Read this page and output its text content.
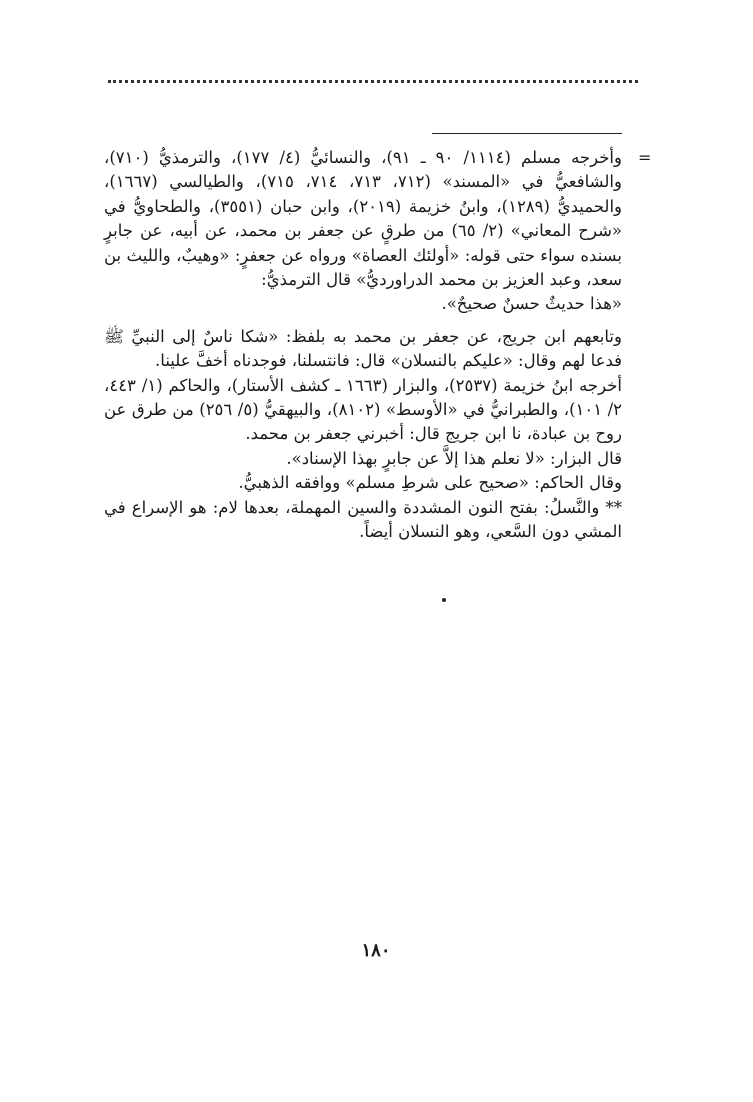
=

وأخرجه مسلم (١١١٤/ ٩٠ ـ ٩١)، والنسائيُّ (٤/ ١٧٧)، والترمذيُّ (٧١٠)، والشافعيُّ في «المسند» (٧١٢، ٧١٣، ٧١٤، ٧١٥)، والطيالسي (١٦٦٧)، والحميديُّ (١٢٨٩)، وابنُ خزيمة (٢٠١٩)، وابن حبان (٣٥٥١)، والطحاويُّ في «شرح المعاني» (٢/ ٦٥) من طرقٍ عن جعفر بن محمد، عن أبيه، عن جابرٍ بسنده سواء حتى قوله: «أولئك العصاة» ورواه عن جعفرٍ: «وهيبٌ، والليث بن سعد، وعبد العزيز بن محمد الدراورديُّ» قال الترمذيُّ:

«هذا حديثٌ حسنٌ صحيحٌ».

وتابعهم ابن جريج، عن جعفر بن محمد به بلفظ: «شكا ناسٌ إلى النبيِّ ﷺ فدعا لهم وقال: «عليكم بالنسلان» قال: فانتسلنا، فوجدناه أخفَّ علينا.

أخرجه ابنُ خزيمة (٢٥٣٧)، والبزار (١٦٦٣ ـ كشف الأستار)، والحاكم (١/ ٤٤٣، ٢/ ١٠١)، والطبرانيُّ في «الأوسط» (٨١٠٢)، والبيهقيُّ (٥/ ٢٥٦) من طرق عن روح بن عبادة، نا ابن جريج قال: أخبرني جعفر بن محمد.

قال البزار: «لا نعلم هذا إلاَّ عن جابرٍ بهذا الإسناد».

وقال الحاكم: «صحيح على شرطِ مسلم» ووافقه الذهبيُّ.

** والنَّسلُ: بفتح النون المشددة والسين المهملة، بعدها لام: هو الإسراع في المشي دون السَّعي، وهو النسلان أيضاً.

١٨٠
